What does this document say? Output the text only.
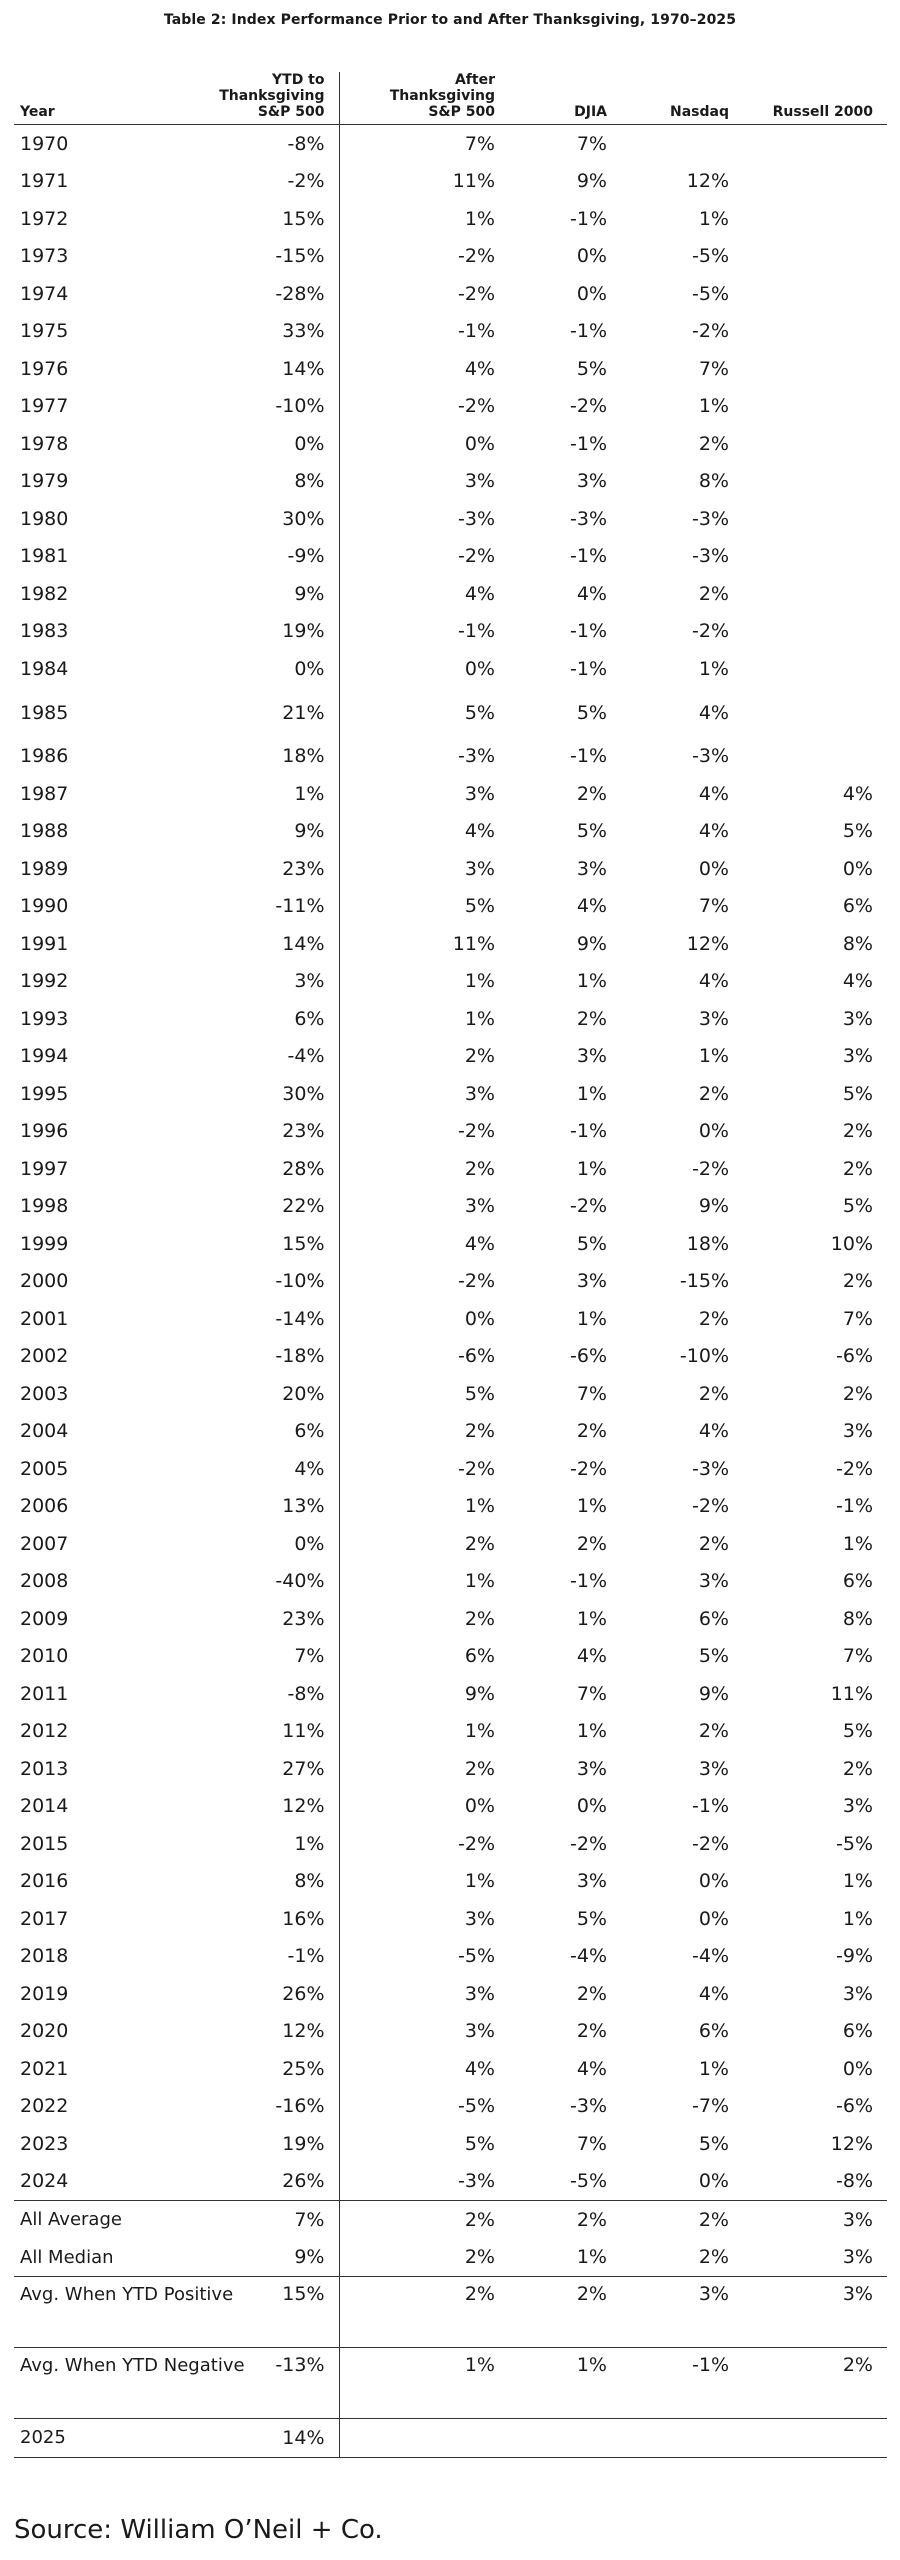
Table 2: Index Performance Prior to and After Thanksgiving, 1970–2025
Year	YTD to
Thanksgiving
S&P 500	After
Thanksgiving
S&P 500	DJIA	Nasdaq	Russell 2000
1970	-8%	7%	7%		
1971	-2%	11%	9%	12%	
1972	15%	1%	-1%	1%	
1973	-15%	-2%	0%	-5%	
1974	-28%	-2%	0%	-5%	
1975	33%	-1%	-1%	-2%	
1976	14%	4%	5%	7%	
1977	-10%	-2%	-2%	1%	
1978	0%	0%	-1%	2%	
1979	8%	3%	3%	8%	
1980	30%	-3%	-3%	-3%	
1981	-9%	-2%	-1%	-3%	
1982	9%	4%	4%	2%	
1983	19%	-1%	-1%	-2%	
1984	0%	0%	-1%	1%	
1985	21%	5%	5%	4%	
1986	18%	-3%	-1%	-3%	
1987	1%	3%	2%	4%	4%
1988	9%	4%	5%	4%	5%
1989	23%	3%	3%	0%	0%
1990	-11%	5%	4%	7%	6%
1991	14%	11%	9%	12%	8%
1992	3%	1%	1%	4%	4%
1993	6%	1%	2%	3%	3%
1994	-4%	2%	3%	1%	3%
1995	30%	3%	1%	2%	5%
1996	23%	-2%	-1%	0%	2%
1997	28%	2%	1%	-2%	2%
1998	22%	3%	-2%	9%	5%
1999	15%	4%	5%	18%	10%
2000	-10%	-2%	3%	-15%	2%
2001	-14%	0%	1%	2%	7%
2002	-18%	-6%	-6%	-10%	-6%
2003	20%	5%	7%	2%	2%
2004	6%	2%	2%	4%	3%
2005	4%	-2%	-2%	-3%	-2%
2006	13%	1%	1%	-2%	-1%
2007	0%	2%	2%	2%	1%
2008	-40%	1%	-1%	3%	6%
2009	23%	2%	1%	6%	8%
2010	7%	6%	4%	5%	7%
2011	-8%	9%	7%	9%	11%
2012	11%	1%	1%	2%	5%
2013	27%	2%	3%	3%	2%
2014	12%	0%	0%	-1%	3%
2015	1%	-2%	-2%	-2%	-5%
2016	8%	1%	3%	0%	1%
2017	16%	3%	5%	0%	1%
2018	-1%	-5%	-4%	-4%	-9%
2019	26%	3%	2%	4%	3%
2020	12%	3%	2%	6%	6%
2021	25%	4%	4%	1%	0%
2022	-16%	-5%	-3%	-7%	-6%
2023	19%	5%	7%	5%	12%
2024	26%	-3%	-5%	0%	-8%
All Average	7%	2%	2%	2%	3%
All Median	9%	2%	1%	2%	3%
Avg. When YTD Positive	15%	2%	2%	3%	3%
Avg. When YTD Negative	-13%	1%	1%	-1%	2%
2025	14%				
Source: William O’Neil + Co.
